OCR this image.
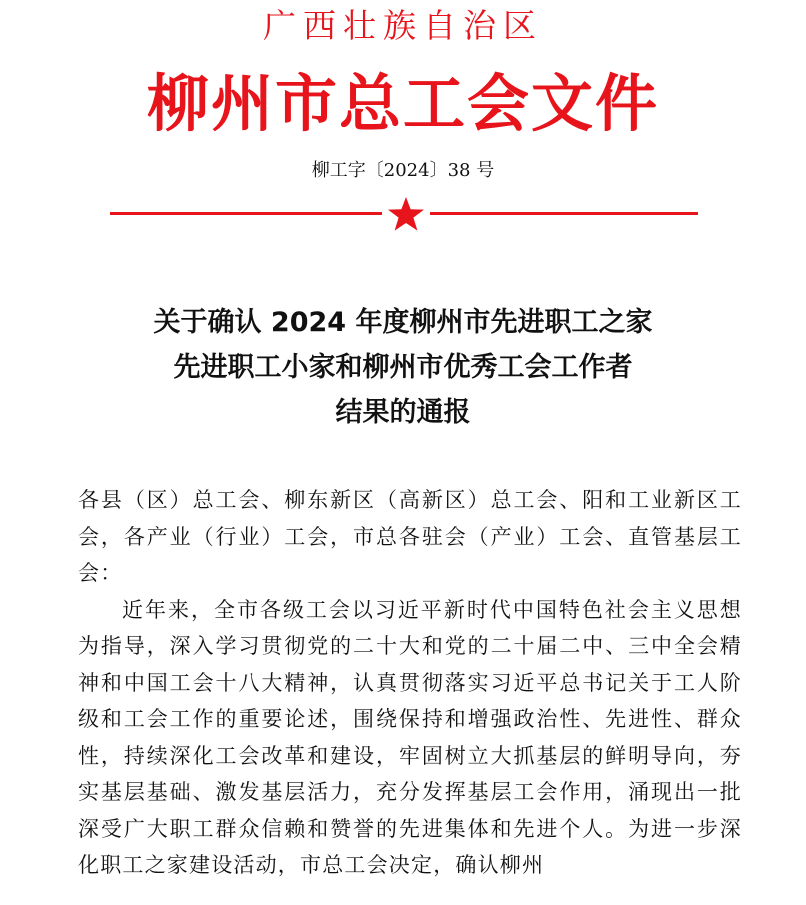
广西壮族自治区
柳州市总工会文件
柳工字〔2024〕38 号
关于确认 2024 年度柳州市先进职工之家
先进职工小家和柳州市优秀工会工作者
结果的通报

各县（区）总工会、柳东新区（高新区）总工会、阳和工业新区工会，各产业（行业）工会，市总各驻会（产业）工会、直管基层工会：

近年来，全市各级工会以习近平新时代中国特色社会主义思想为指导，深入学习贯彻党的二十大和党的二十届二中、三中全会精神和中国工会十八大精神，认真贯彻落实习近平总书记关于工人阶级和工会工作的重要论述，围绕保持和增强政治性、先进性、群众性，持续深化工会改革和建设，牢固树立大抓基层的鲜明导向，夯实基层基础、激发基层活力，充分发挥基层工会作用，涌现出一批深受广大职工群众信赖和赞誉的先进集体和先进个人。为进一步深化职工之家建设活动，市总工会决定，确认柳州
